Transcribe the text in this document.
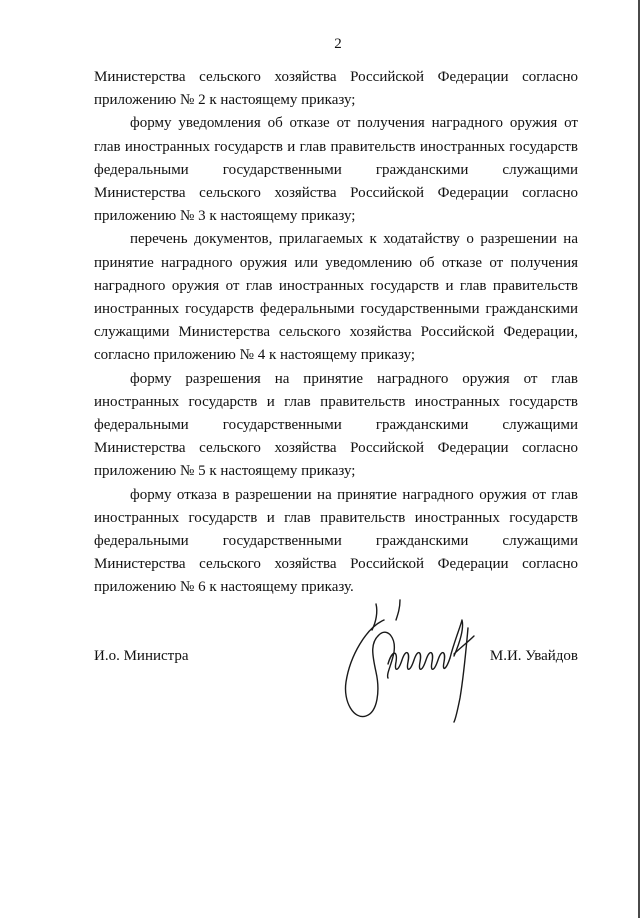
2

Министерства сельского хозяйства Российской Федерации согласно приложению № 2 к настоящему приказу;

форму уведомления об отказе от получения наградного оружия от глав иностранных государств и глав правительств иностранных государств федеральными государственными гражданскими служащими Министерства сельского хозяйства Российской Федерации согласно приложению № 3 к настоящему приказу;

перечень документов, прилагаемых к ходатайству о разрешении на принятие наградного оружия или уведомлению об отказе от получения наградного оружия от глав иностранных государств и глав правительств иностранных государств федеральными государственными гражданскими служащими Министерства сельского хозяйства Российской Федерации, согласно приложению № 4 к настоящему приказу;

форму разрешения на принятие наградного оружия от глав иностранных государств и глав правительств иностранных государств федеральными государственными гражданскими служащими Министерства сельского хозяйства Российской Федерации согласно приложению № 5 к настоящему приказу;

форму отказа в разрешении на принятие наградного оружия от глав иностранных государств и глав правительств иностранных государств федеральными государственными гражданскими служащими Министерства сельского хозяйства Российской Федерации согласно приложению № 6 к настоящему приказу.

И.о. Министра	М.И. Увайдов
